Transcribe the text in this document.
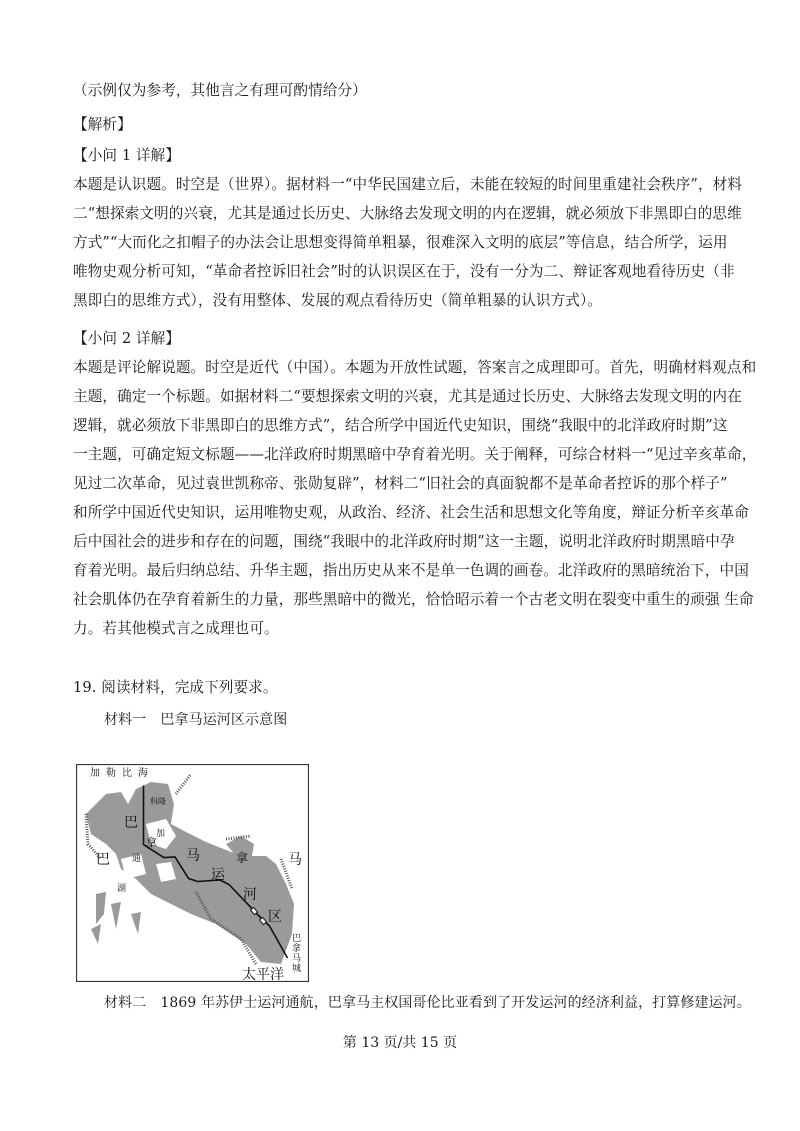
（示例仅为参考，其他言之有理可酌情给分）
【解析】
【小问 1 详解】
本题是认识题。时空是（世界）。据材料一“中华民国建立后，未能在较短的时间里重建社会秩序”，材料
二“想探索文明的兴衰，尤其是通过长历史、大脉络去发现文明的内在逻辑，就必须放下非黑即白的思维
方式”“大而化之扣帽子的办法会让思想变得简单粗暴，很难深入文明的底层”等信息，结合所学，运用
唯物史观分析可知，“革命者控诉旧社会”时的认识误区在于，没有一分为二、辩证客观地看待历史（非
黑即白的思维方式），没有用整体、发展的观点看待历史（简单粗暴的认识方式）。
【小问 2 详解】
本题是评论解说题。时空是近代（中国）。本题为开放性试题，答案言之成理即可。首先，明确材料观点和
主题，确定一个标题。如据材料二“要想探索文明的兴衰，尤其是通过长历史、大脉络去发现文明的内在
逻辑，就必须放下非黑即白的思维方式”，结合所学中国近代史知识，围绕“我眼中的北洋政府时期”这
一主题，可确定短文标题——北洋政府时期黑暗中孕育着光明。关于阐释，可综合材料一“见过辛亥革命，
见过二次革命，见过袁世凯称帝、张勋复辟”，材料二“旧社会的真面貌都不是革命者控诉的那个样子”
和所学中国近代史知识，运用唯物史观，从政治、经济、社会生活和思想文化等角度，辩证分析辛亥革命
后中国社会的进步和存在的问题，围绕“我眼中的北洋政府时期”这一主题，说明北洋政府时期黑暗中孕
育着光明。最后归纳总结、升华主题，指出历史从来不是单一色调的画卷。北洋政府的黑暗统治下，中国
社会肌体仍在孕育着新生的力量，那些黑暗中的微光，恰恰昭示着一个古老文明在裂变中重生的顽强 生命
力。若其他模式言之成理也可。
19. 阅读材料，完成下列要求。
材料一　巴拿马运河区示意图
加勒比海
科隆
巴
拿
马
运
河
区
巴	拿	马
太平洋
加
通
湖
巴
拿
马
城
材料二　1869 年苏伊士运河通航，巴拿马主权国哥伦比亚看到了开发运河的经济利益，打算修建运河。
第 13 页/共 15 页
